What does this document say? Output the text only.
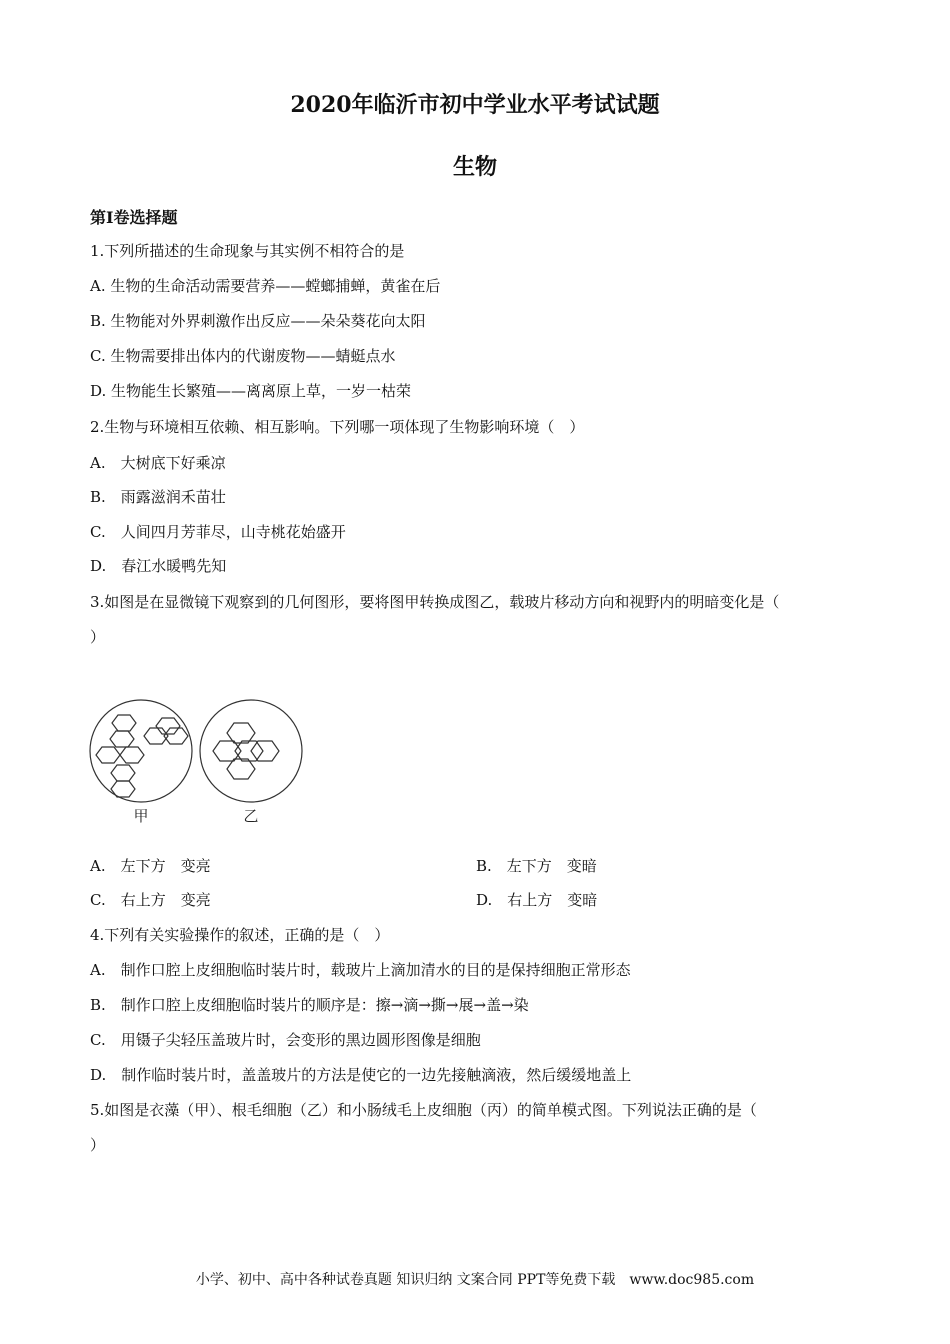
2020年临沂市初中学业水平考试试题
生物
第Ⅰ卷选择题
1.下列所描述的生命现象与其实例不相符合的是
A. 生物的生命活动需要营养——螳螂捕蝉，黄雀在后
B. 生物能对外界刺激作出反应——朵朵葵花向太阳
C. 生物需要排出体内的代谢废物——蜻蜓点水
D. 生物能生长繁殖——离离原上草，一岁一枯荣
2.生物与环境相互依赖、相互影响。下列哪一项体现了生物影响环境（　）
A.　大树底下好乘凉
B.　雨露滋润禾苗壮
C.　人间四月芳菲尽，山寺桃花始盛开
D.　春江水暖鸭先知
3.如图是在显微镜下观察到的几何图形，要将图甲转换成图乙，载玻片移动方向和视野内的明暗变化是（
）
甲	乙
A.　左下方　变亮	B.　左下方　变暗
C.　右上方　变亮	D.　右上方　变暗
4.下列有关实验操作的叙述，正确的是（　）
A.　制作口腔上皮细胞临时装片时，载玻片上滴加清水的目的是保持细胞正常形态
B.　制作口腔上皮细胞临时装片的顺序是：擦→滴→撕→展→盖→染
C.　用镊子尖轻压盖玻片时，会变形的黑边圆形图像是细胞
D.　制作临时装片时，盖盖玻片的方法是使它的一边先接触滴液，然后缓缓地盖上
5.如图是衣藻（甲）、根毛细胞（乙）和小肠绒毛上皮细胞（丙）的简单模式图。下列说法正确的是（
）
小学、初中、高中各种试卷真题 知识归纳 文案合同 PPT等免费下载　www.doc985.com
